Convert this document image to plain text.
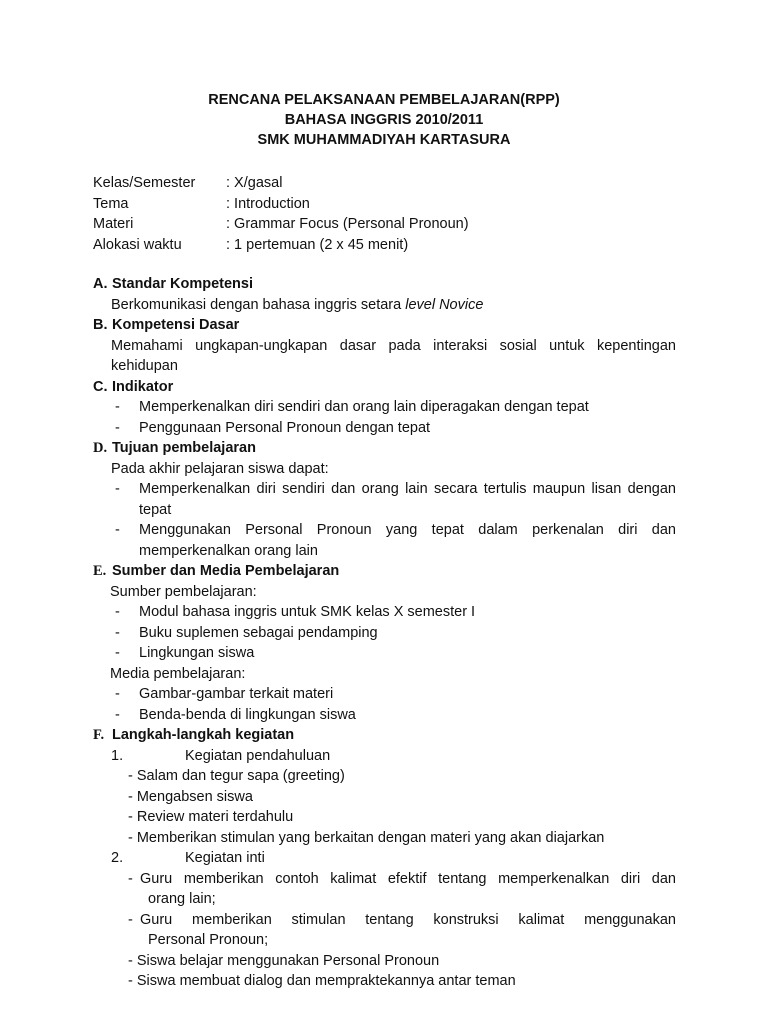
RENCANA PELAKSANAAN PEMBELAJARAN(RPP)
BAHASA INGGRIS 2010/2011
SMK MUHAMMADIYAH KARTASURA
Kelas/Semester	: X/gasal
Tema	: Introduction
Materi	: Grammar Focus (Personal Pronoun)
Alokasi waktu	: 1 pertemuan (2 x 45 menit)
A. Standar Kompetensi
Berkomunikasi dengan bahasa inggris setara level Novice
B. Kompetensi Dasar
Memahami ungkapan-ungkapan dasar pada interaksi sosial untuk kepentingan
kehidupan
C. Indikator
-	Memperkenalkan diri sendiri dan orang lain diperagakan dengan tepat
-	Penggunaan Personal Pronoun dengan tepat
D. Tujuan pembelajaran
Pada akhir pelajaran siswa dapat:
-	Memperkenalkan diri sendiri dan orang lain secara tertulis maupun lisan dengan tepat
-	Menggunakan Personal Pronoun yang tepat dalam perkenalan diri dan memperkenalkan orang lain
E. Sumber dan Media Pembelajaran
Sumber pembelajaran:
-	Modul bahasa inggris untuk SMK kelas X semester I
-	Buku suplemen sebagai pendamping
-	Lingkungan siswa
Media pembelajaran:
-	Gambar-gambar terkait materi
-	Benda-benda di lingkungan siswa
F. Langkah-langkah kegiatan
1.	Kegiatan pendahuluan
- Salam dan tegur sapa (greeting)
- Mengabsen siswa
- Review materi terdahulu
- Memberikan stimulan yang berkaitan dengan materi yang akan diajarkan
2.	Kegiatan inti
- Guru memberikan contoh kalimat efektif tentang memperkenalkan diri dan
orang lain;
- Guru memberikan stimulan tentang konstruksi kalimat menggunakan
Personal Pronoun;
- Siswa belajar menggunakan Personal Pronoun
- Siswa membuat dialog dan mempraktekannya antar teman
